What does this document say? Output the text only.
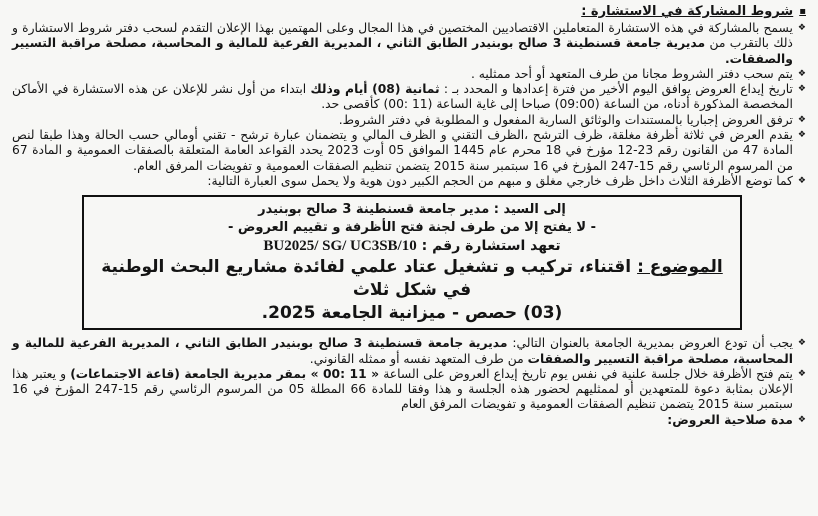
▪
شروط المشاركة في الاستشارة :
❖

يسمح بالمشاركة في هذه الاستشارة المتعاملين الاقتصاديين المختصين في هذا المجال وعلى المهتمين بهذا الإعلان التقدم لسحب دفتر شروط الاستشارة و ذلك بالتقرب من مديرية جامعة قسنطينة 3 صالح بوبنيدر الطابق الثاني ، المديرية الفرعية للمالية و المحاسبة، مصلحة مراقبة التسيير والصفقات.

❖

يتم سحب دفتر الشروط مجانا من طرف المتعهد أو أحد ممثليه .

❖

تاريخ إيداع العروض يوافق اليوم الأخير من فترة إعدادها و المحدد بـ : ثمانية (08) أيام وذلك ابتداء من أول نشر للإعلان عن هذه الاستشارة في الأماكن المخصصة المذكورة أدناه، من الساعة (09:00) صباحا إلى غاية الساعة (11 :00) كأقصى حد.

❖

ترفق العروض إجباريا بالمستندات والوثائق السارية المفعول و المطلوبة في دفتر الشروط.

❖

يقدم العرض في ثلاثة أظرفة مغلقة، ظرف الترشح ،الظرف التقني و الظرف المالي و يتضمنان عبارة ترشح - تقني أومالي حسب الحالة وهذا طبقا لنص المادة 47 من القانون رقم 23-12 مؤرخ في 18 محرم عام 1445 الموافق 05 أوت 2023 يحدد القواعد العامة المتعلقة بالصفقات العمومية و المادة 67 من المرسوم الرئاسي رقم 15-247 المؤرخ في 16 سبتمبر سنة 2015 يتضمن تنظيم الصفقات العمومية و تفويضات المرفق العام.

❖

كما توضع الأظرفة الثلاث داخل ظرف خارجي مغلق و مبهم من الحجم الكبير دون هوية ولا يحمل سوى العبارة التالية:

إلى السيد : مدير جامعة قسنطينة 3 صالح بوبنيدر
- لا يفتح إلا من طرف لجنة فتح الأظرفة و تقييم العروض -
تعهد استشارة رقم : BU2025/ SG/ UC3SB/10
الموضوع : اقتناء، تركيب و تشغيل عتاد علمي لفائدة مشاريع البحث الوطنية في شكل ثلاث
(03) حصص - ميزانية الجامعة 2025.
❖

يجب أن تودع العروض بمديرية الجامعة بالعنوان التالي: مديرية جامعة قسنطينة 3 صالح بوبنيدر الطابق الثاني ، المديرية الفرعية للمالية و المحاسبة، مصلحة مراقبة التسيير والصفقات من طرف المتعهد نفسه أو ممثله القانوني.

❖

يتم فتح الأظرفة خلال جلسة علنية في نفس يوم تاريخ إيداع العروض على الساعة « 11 :00 » بمقر مديرية الجامعة (قاعة الاجتماعات) و يعتبر هذا الإعلان بمثابة دعوة للمتعهدين أو لممثليهم لحضور هذه الجلسة و هذا وفقا للمادة 66 المطلة 05 من المرسوم الرئاسي رقم 15-247 المؤرخ في 16 سبتمبر سنة 2015 يتضمن تنظيم الصفقات العمومية و تفويضات المرفق العام

❖

مدة صلاحية العروض:
